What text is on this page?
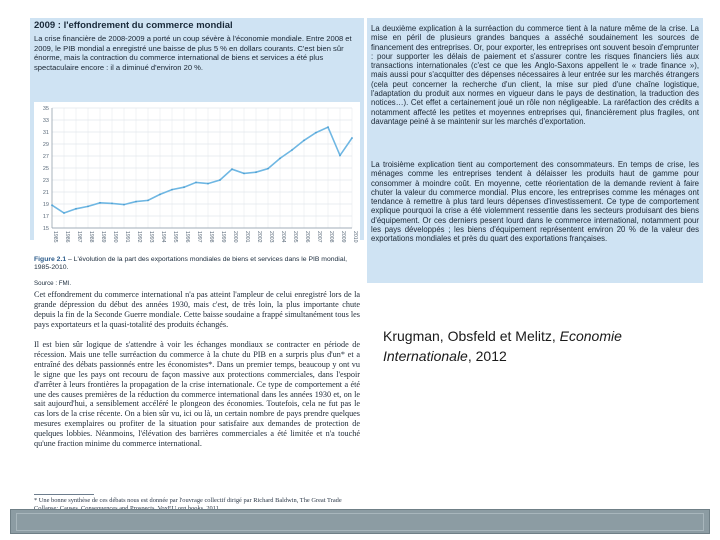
2009 : l'effondrement du commerce mondial
La crise financière de 2008-2009 a porté un coup sévère à l'économie mondiale. Entre 2008 et 2009, le PIB mondial a enregistré une baisse de plus 5 % en dollars courants. C'est bien sûr énorme, mais la contraction du commerce international de biens et services a été plus spectaculaire encore : il a diminué d'environ 20 %.
15
17
19
21
23
25
27
29
31
33
35
1985 1986 1987 1988 1989 1990 1991 1992 1993 1994 1995 1996 1997 1998 1999 2000 2001 2002 2003 2004 2005 2006 2007 2008 2009 2010
Figure 2.1 – L'évolution de la part des exportations mondiales de biens et services dans le PIB mondial, 1985-2010.
Source : FMI.
Cet effondrement du commerce international n'a pas atteint l'ampleur de celui enregistré lors de la grande dépression du début des années 1930, mais c'est, de très loin, la plus importante chute depuis la fin de la Seconde Guerre mondiale. Cette baisse soudaine a frappé simultanément tous les pays exportateurs et la quasi-totalité des produits échangés.
Il est bien sûr logique de s'attendre à voir les échanges mondiaux se contracter en période de récession. Mais une telle surréaction du commerce à la chute du PIB en a surpris plus d'un* et a entraîné des débats passionnés entre les économistes*. Dans un premier temps, beaucoup y ont vu le signe que les pays ont recouru de façon massive aux protections commerciales, dans l'espoir d'arrêter à leurs frontières la propagation de la crise internationale. Ce type de comportement a été une des causes premières de la réduction du commerce international dans les années 1930 et, on le sait aujourd'hui, a sensiblement accéléré le plongeon des économies. Toutefois, cela ne fut pas le cas lors de la crise récente. On a bien sûr vu, ici ou là, un certain nombre de pays prendre quelques mesures exemplaires ou profiter de la situation pour satisfaire aux demandes de protection de quelques lobbies. Néanmoins, l'élévation des barrières commerciales a été limitée et n'a touché qu'une fraction minime du commerce international.
* Une bonne synthèse de ces débats nous est donnée par l'ouvrage collectif dirigé par Richard Baldwin, The Great Trade
La deuxième explication à la surréaction du commerce tient à la nature même de la crise. La mise en péril de plusieurs grandes banques a asséché soudainement les sources de financement des entreprises. Or, pour exporter, les entreprises ont souvent besoin d'emprunter : pour supporter les délais de paiement et s'assurer contre les risques financiers liés aux transactions internationales (c'est ce que les Anglo-Saxons appellent le « trade finance »), mais aussi pour s'acquitter des dépenses nécessaires à leur entrée sur les marchés étrangers (cela peut concerner la recherche d'un client, la mise sur pied d'une chaîne logistique, l'adaptation du produit aux normes en vigueur dans le pays de destination, la traduction des notices…). Cet effet a certainement joué un rôle non négligeable. La raréfaction des crédits a notamment affecté les petites et moyennes entreprises qui, financièrement plus fragiles, ont davantage peiné à se maintenir sur les marchés d'exportation.
La troisième explication tient au comportement des consommateurs. En temps de crise, les ménages comme les entreprises tendent à délaisser les produits haut de gamme pour consommer à moindre coût. En moyenne, cette réorientation de la demande revient à faire chuter la valeur du commerce mondial. Plus encore, les entreprises comme les ménages ont tendance à remettre à plus tard leurs dépenses d'investissement. Ce type de comportement explique pourquoi la crise a été violemment ressentie dans les secteurs produisant des biens d'équipement. Or ces derniers pesent lourd dans le commerce international, notamment pour les pays développés ; les biens d'équipement représentent environ 20 % de la valeur des exportations mondiales et près du quart des exportations françaises.
Krugman, Obsfeld et Melitz, Economie
Internationale, 2012
